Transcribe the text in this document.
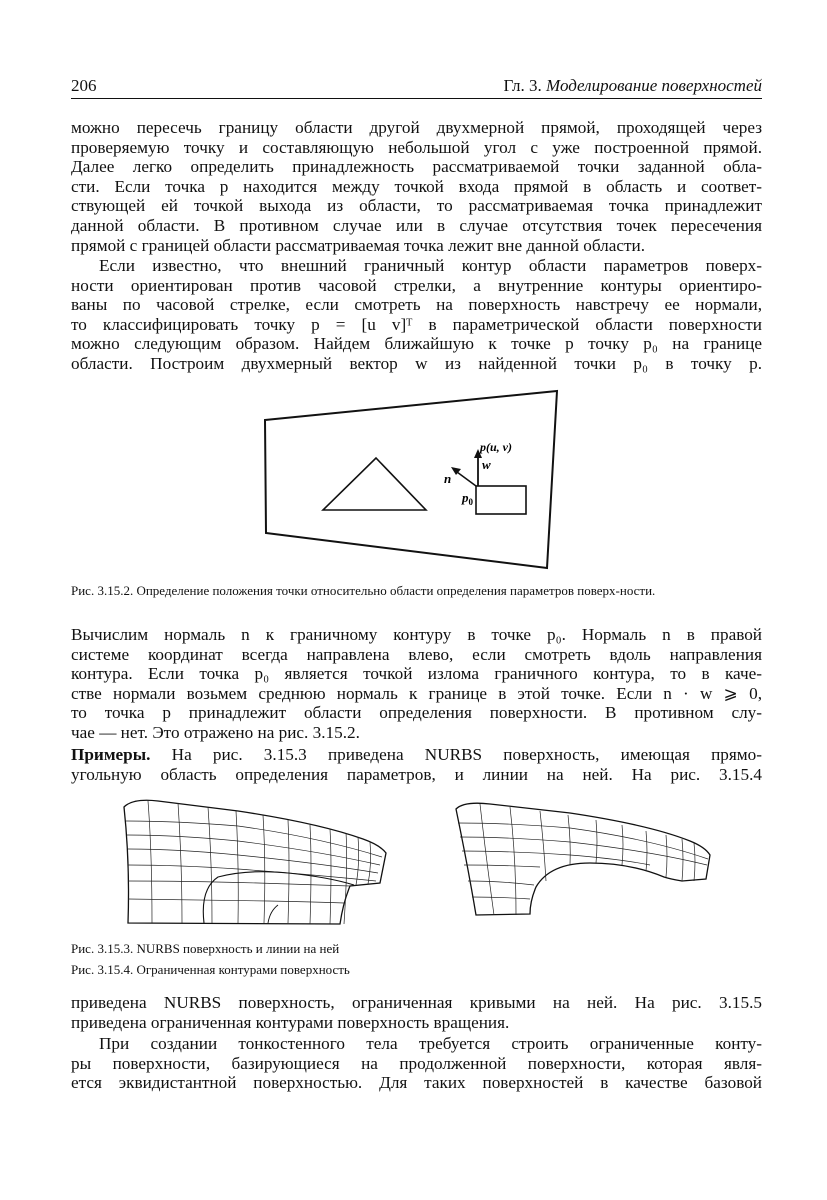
206	Гл. 3. Моделирование поверхностей
можно пересечь границу области другой двухмерной прямой, проходящей через
проверяемую точку и составляющую небольшой угол с уже построенной прямой.
Далее легко определить принадлежность рассматриваемой точки заданной обла-
сти. Если точка p находится между точкой входа прямой в область и соответ-
ствующей ей точкой выхода из области, то рассматриваемая точка принадлежит
данной области. В противном случае или в случае отсутствия точек пересечения
прямой с границей области рассматриваемая точка лежит вне данной области.
Если известно, что внешний граничный контур области параметров поверх-
ности ориентирован против часовой стрелки, а внутренние контуры ориентиро-
ваны по часовой стрелке, если смотреть на поверхность навстречу ее нормали,
то классифицировать точку p = [u v]ᵀ в параметрической области поверхности
можно следующим образом. Найдем ближайшую к точке p точку p₀ на границе
области. Построим двухмерный вектор w из найденной точки p₀ в точку p.
p(u, v)
w
n
$p_0$
Рис. 3.15.2. Определение положения точки относительно области определения параметров поверх-ности.
Вычислим нормаль n к граничному контуру в точке p₀. Нормаль n в правой
системе координат всегда направлена влево, если смотреть вдоль направления
контура. Если точка p₀ является точкой излома граничного контура, то в каче-
стве нормали возьмем среднюю нормаль к границе в этой точке. Если n · w ⩾ 0,
то точка p принадлежит области определения поверхности. В противном слу-
чае — нет. Это отражено на рис. 3.15.2.
Примеры. На рис. 3.15.3 приведена NURBS поверхность, имеющая прямо-
угольную область определения параметров, и линии на ней. На рис. 3.15.4
Рис. 3.15.3. NURBS поверхность и линии на ней
Рис. 3.15.4. Ограниченная контурами поверхность
приведена NURBS поверхность, ограниченная кривыми на ней. На рис. 3.15.5
приведена ограниченная контурами поверхность вращения.
При создании тонкостенного тела требуется строить ограниченные конту-
ры поверхности, базирующиеся на продолженной поверхности, которая явля-
ется эквидистантной поверхностью. Для таких поверхностей в качестве базовой
